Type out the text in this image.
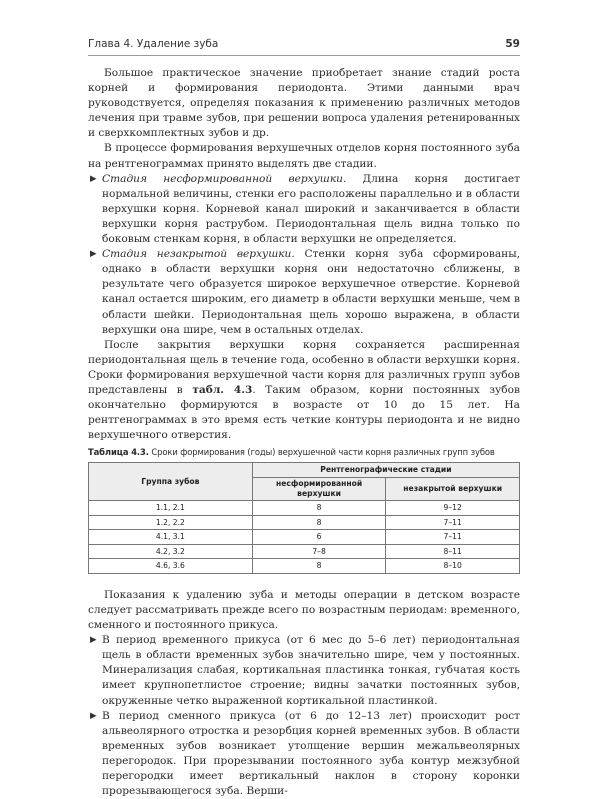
Глава 4. Удаление зуба	59

Большое практическое значение приобретает знание стадий роста корней и формирования периодонта. Этими данными врач руководствуется, определяя показания к применению различных методов лечения при травме зубов, при решении вопроса удаления ретенированных и сверхкомплектных зубов и др.

В процессе формирования верхушечных отделов корня постоянного зуба на рентгенограммах принято выделять две стадии.

▶ Стадия несформированной верхушки. Длина корня достигает нормальной величины, стенки его расположены параллельно и в области верхушки корня. Корневой канал широкий и заканчивается в области верхушки корня раструбом. Периодонтальная щель видна только по боковым стенкам корня, в области верхушки не определяется.

▶ Стадия незакрытой верхушки. Стенки корня зуба сформированы, однако в области верхушки корня они недостаточно сближены, в результате чего образуется широкое верхушечное отверстие. Корневой канал остается широким, его диаметр в области верхушки меньше, чем в области шейки. Периодонтальная щель хорошо выражена, в области верхушки она шире, чем в остальных отделах.

После закрытия верхушки корня сохраняется расширенная периодонтальная щель в течение года, особенно в области верхушки корня. Сроки формирования верхушечной части корня для различных групп зубов представлены в табл. 4.3. Таким образом, корни постоянных зубов окончательно формируются в возрасте от 10 до 15 лет. На рентгенограммах в это время есть четкие контуры периодонта и не видно верхушечного отверстия.

Таблица 4.3. Сроки формирования (годы) верхушечной части корня различных групп зубов
Группа зубов	Рентгенографические стадии	
	несформированной верхушки	незакрытой верхушки
1.1, 2.1	8	9–12
1.2, 2.2	8	7–11
4.1, 3.1	6	7–11
4.2, 3.2	7–8	8–11
4.6, 3.6	8	8–10

Показания к удалению зуба и методы операции в детском возрасте следует рассматривать прежде всего по возрастным периодам: временного, сменного и постоянного прикуса.

▶ В период временного прикуса (от 6 мес до 5–6 лет) периодонтальная щель в области временных зубов значительно шире, чем у постоянных. Минерализация слабая, кортикальная пластинка тонкая, губчатая кость имеет крупнопетлистое строение; видны зачатки постоянных зубов, окруженные четко выраженной кортикальной пластинкой.

▶ В период сменного прикуса (от 6 до 12–13 лет) происходит рост альвеолярного отростка и резорбция корней временных зубов. В области временных зубов возникает утолщение вершин межальвеолярных перегородок. При прорезывании постоянного зуба контур межзубной перегородки имеет вертикальный наклон в сторону коронки прорезывающегося зуба. Верши-
